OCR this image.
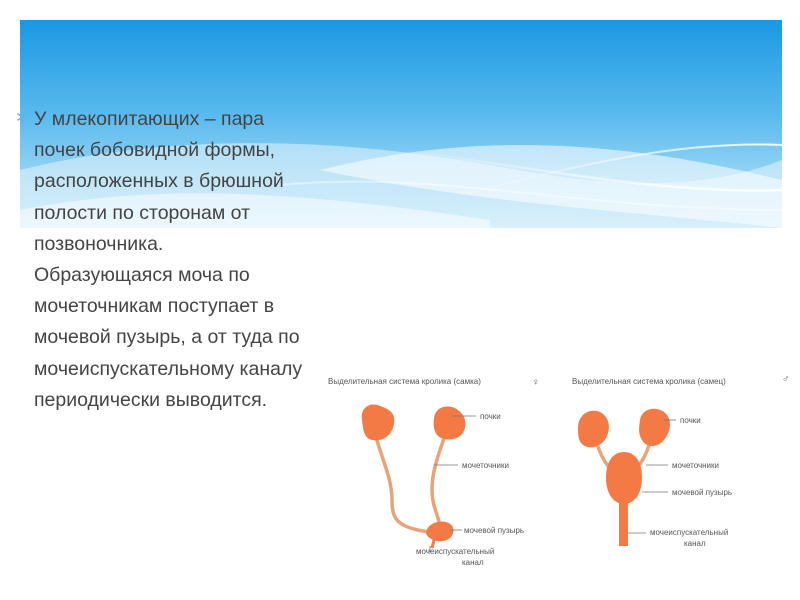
У млекопитающих – пара
почек бобовидной формы,
расположенных в брюшной
полости по сторонам от
позвоночника.
Образующаяся моча по
мочеточникам поступает в
мочевой пузырь, а от туда по
мочеиспускательному каналу
периодически выводится.

Выделительная система кролика (самка)	♀
почки
мочеточники
мочевой пузырь
мочеиспускательный
канал
Выделительная система кролика (самец)	♂
почки
мочеточники
мочевой пузырь
мочеиспускательный
канал
